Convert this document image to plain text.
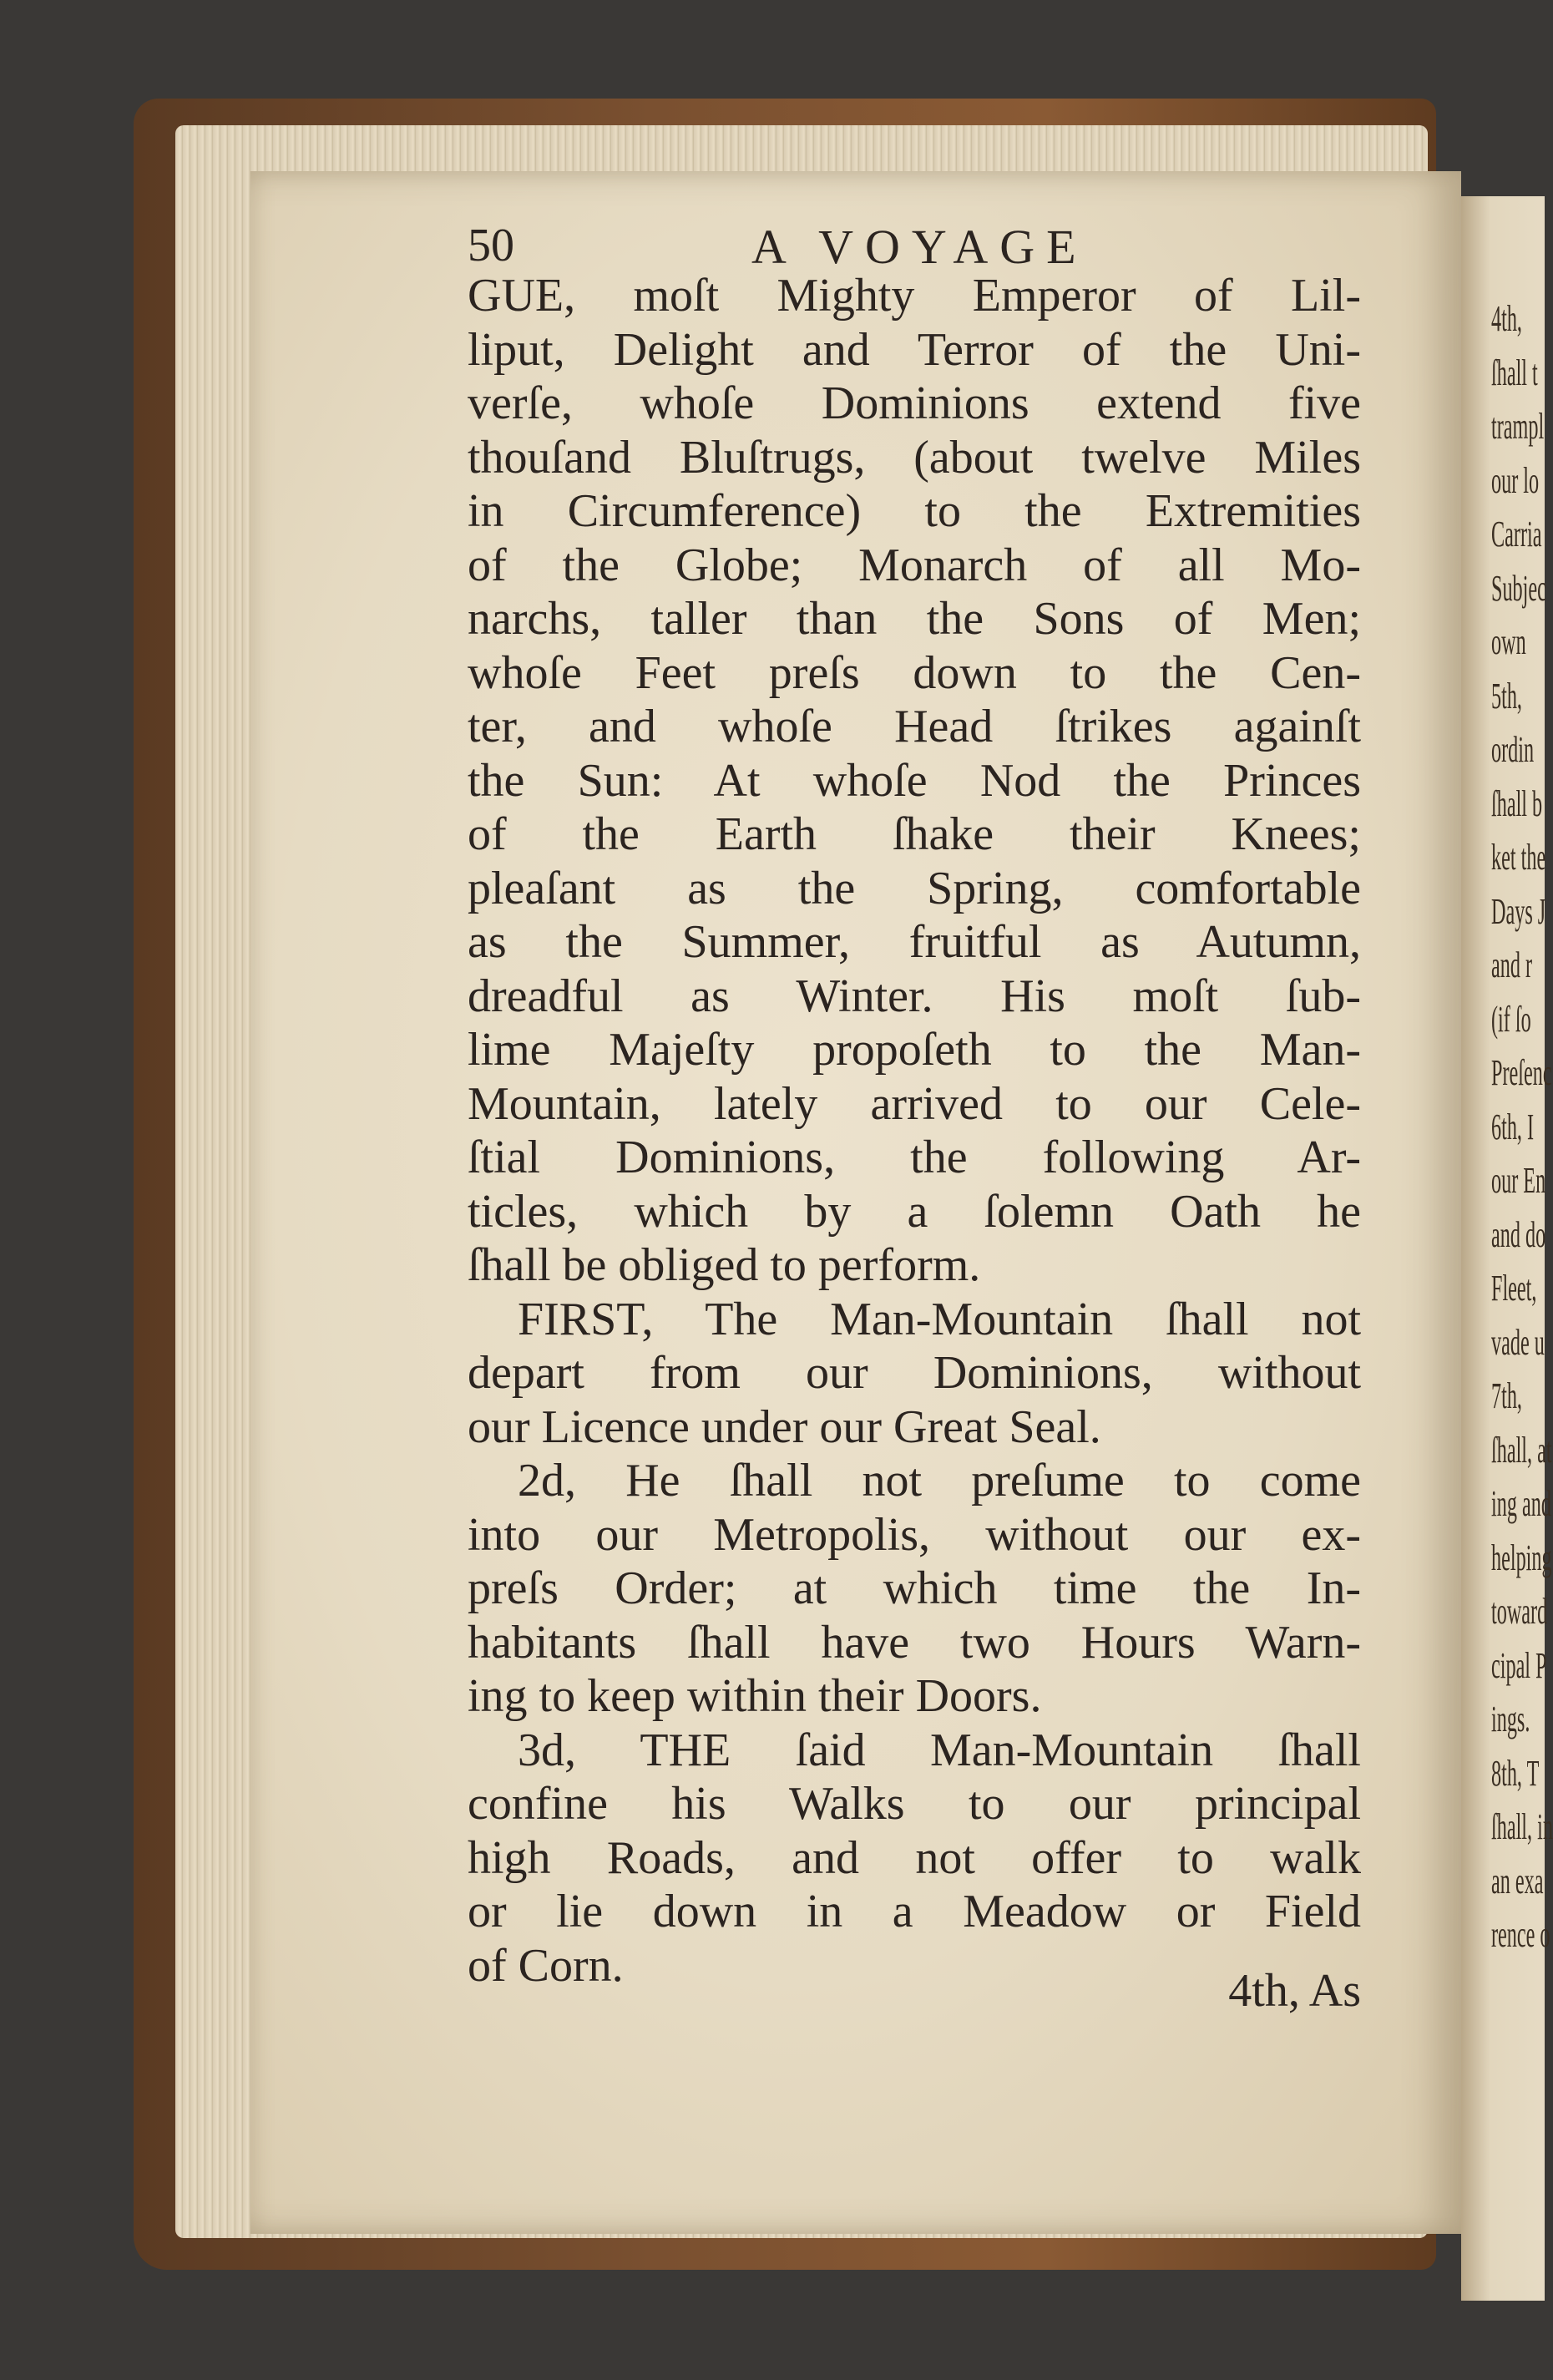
4th,
ſhall t
trampl
our lo
Carria
Subjec
own
5th,
ordin
ſhall b
ket the
Days J
and r
(if ſo
Preſenc
6th, I
our En
and do
Fleet,
vade u
7th,
ſhall, at
ing and
helping
toward
cipal P
ings.
8th, T
ſhall, in
an exa
rence o
50	A VOYAGE
GUE, moſt Mighty Emperor of Lil-
liput, Delight and Terror of the Uni-
verſe, whoſe Dominions extend five
thouſand Bluſtrugs, (about twelve Miles
in Circumference) to the Extremities
of the Globe; Monarch of all Mo-
narchs, taller than the Sons of Men;
whoſe Feet preſs down to the Cen-
ter, and whoſe Head ſtrikes againſt
the Sun: At whoſe Nod the Princes
of the Earth ſhake their Knees;
pleaſant as the Spring, comfortable
as the Summer, fruitful as Autumn,
dreadful as Winter. His moſt ſub-
lime Majeſty propoſeth to the Man-
Mountain, lately arrived to our Cele-
ſtial Dominions, the following Ar-
ticles, which by a ſolemn Oath he
ſhall be obliged to perform.
FIRST, The Man-Mountain ſhall not
depart from our Dominions, without
our Licence under our Great Seal.
2d, He ſhall not preſume to come
into our Metropolis, without our ex-
preſs Order; at which time the In-
habitants ſhall have two Hours Warn-
ing to keep within their Doors.
3d, THE ſaid Man-Mountain ſhall
confine his Walks to our principal
high Roads, and not offer to walk
or lie down in a Meadow or Field
of Corn.	4th, As
